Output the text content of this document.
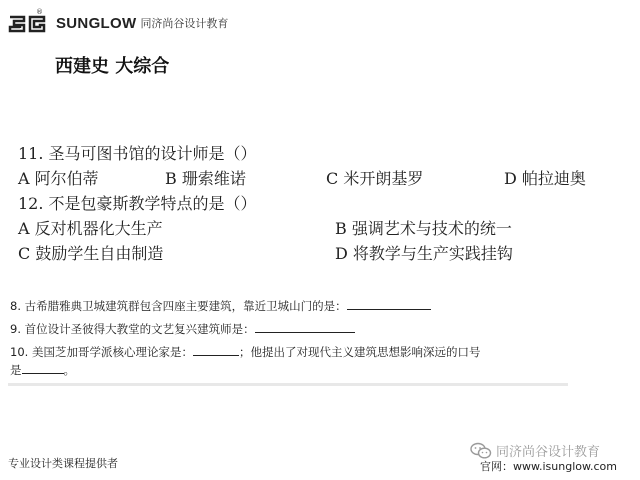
SUNGLOW 同济尚谷设计教育
®
西建史 大综合
11. 圣马可图书馆的设计师是（）
A 阿尔伯蒂	B 珊索维诺	C 米开朗基罗	D 帕拉迪奥
12. 不是包豪斯教学特点的是（）
A 反对机器化大生产	B 强调艺术与技术的统一
C 鼓励学生自由制造	D 将教学与生产实践挂钩
8. 古希腊雅典卫城建筑群包含四座主要建筑，靠近卫城山门的是：
9. 首位设计圣彼得大教堂的文艺复兴建筑师是：
10. 美国芝加哥学派核心理论家是：	；他提出了对现代主义建筑思想影响深远的口号
是	。
同济尚谷设计教育
专业设计类课程提供者	官网：www.isunglow.com
